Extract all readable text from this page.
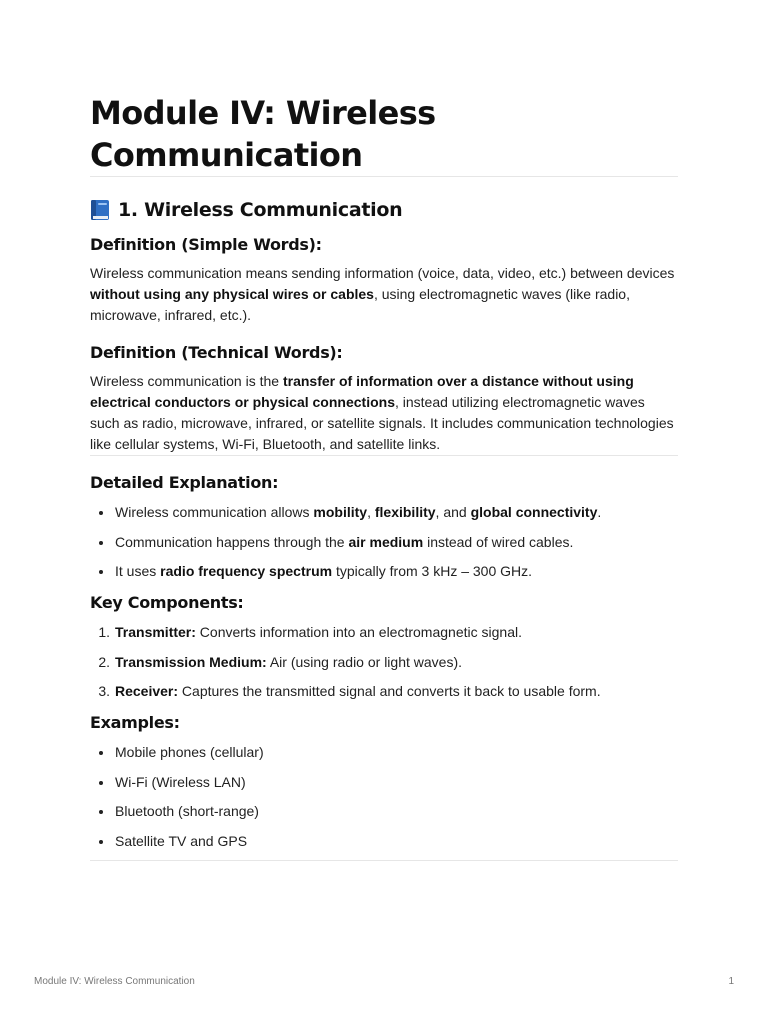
Module IV: Wireless Communication
1. Wireless Communication
Definition (Simple Words):

Wireless communication means sending information (voice, data, video, etc.) between devices without using any physical wires or cables, using electromagnetic waves (like radio, microwave, infrared, etc.).

Definition (Technical Words):

Wireless communication is the transfer of information over a distance without using electrical conductors or physical connections, instead utilizing electromagnetic waves such as radio, microwave, infrared, or satellite signals. It includes communication technologies like cellular systems, Wi-Fi, Bluetooth, and satellite links.

Detailed Explanation:
Wireless communication allows mobility, flexibility, and global connectivity.
Communication happens through the air medium instead of wired cables.
It uses radio frequency spectrum typically from 3 kHz – 300 GHz.
Key Components:
1. Transmitter: Converts information into an electromagnetic signal.
2. Transmission Medium: Air (using radio or light waves).
3. Receiver: Captures the transmitted signal and converts it back to usable form.
Examples:
Mobile phones (cellular)
Wi-Fi (Wireless LAN)
Bluetooth (short-range)
Satellite TV and GPS
Module IV: Wireless Communication	1
